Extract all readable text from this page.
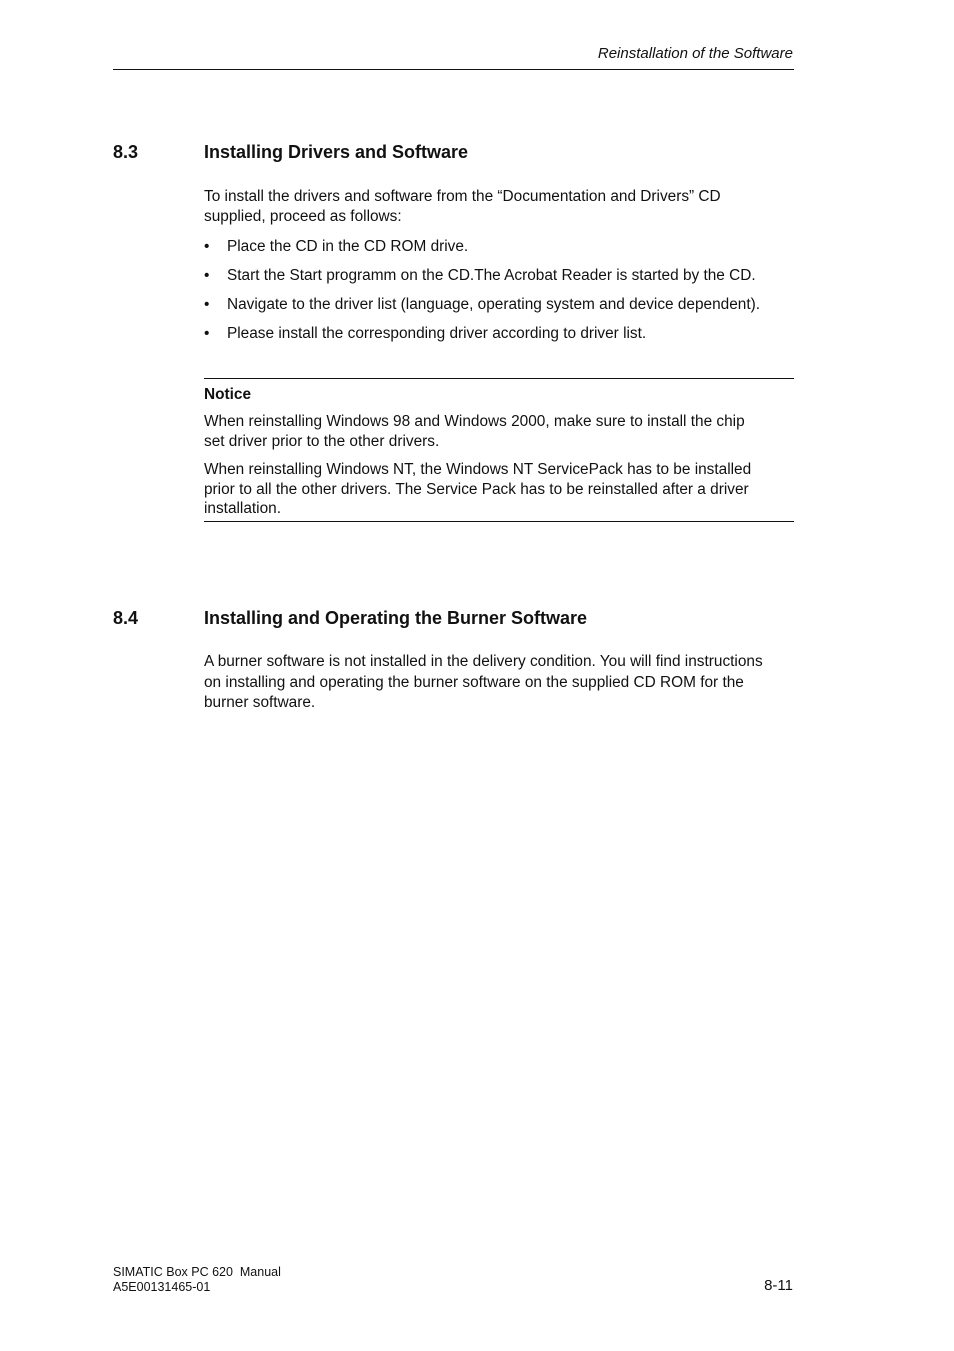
Reinstallation of the Software
8.3	Installing Drivers and Software
To install the drivers and software from the “Documentation and Drivers” CD
supplied, proceed as follows:
• Place the CD in the CD ROM drive.
• Start the Start programm on the CD.The Acrobat Reader is started by the CD.
• Navigate to the driver list (language, operating system and device dependent).
• Please install the corresponding driver according to driver list.
Notice
When reinstalling Windows 98 and Windows 2000, make sure to install the chip
set driver prior to the other drivers.
When reinstalling Windows NT, the Windows NT ServicePack has to be installed
prior to all the other drivers. The Service Pack has to be reinstalled after a driver
installation.
8.4	Installing and Operating the Burner Software
A burner software is not installed in the delivery condition. You will find instructions
on installing and operating the burner software on the supplied CD ROM for the
burner software.
SIMATIC Box PC 620  Manual
A5E00131465-01	8-11
